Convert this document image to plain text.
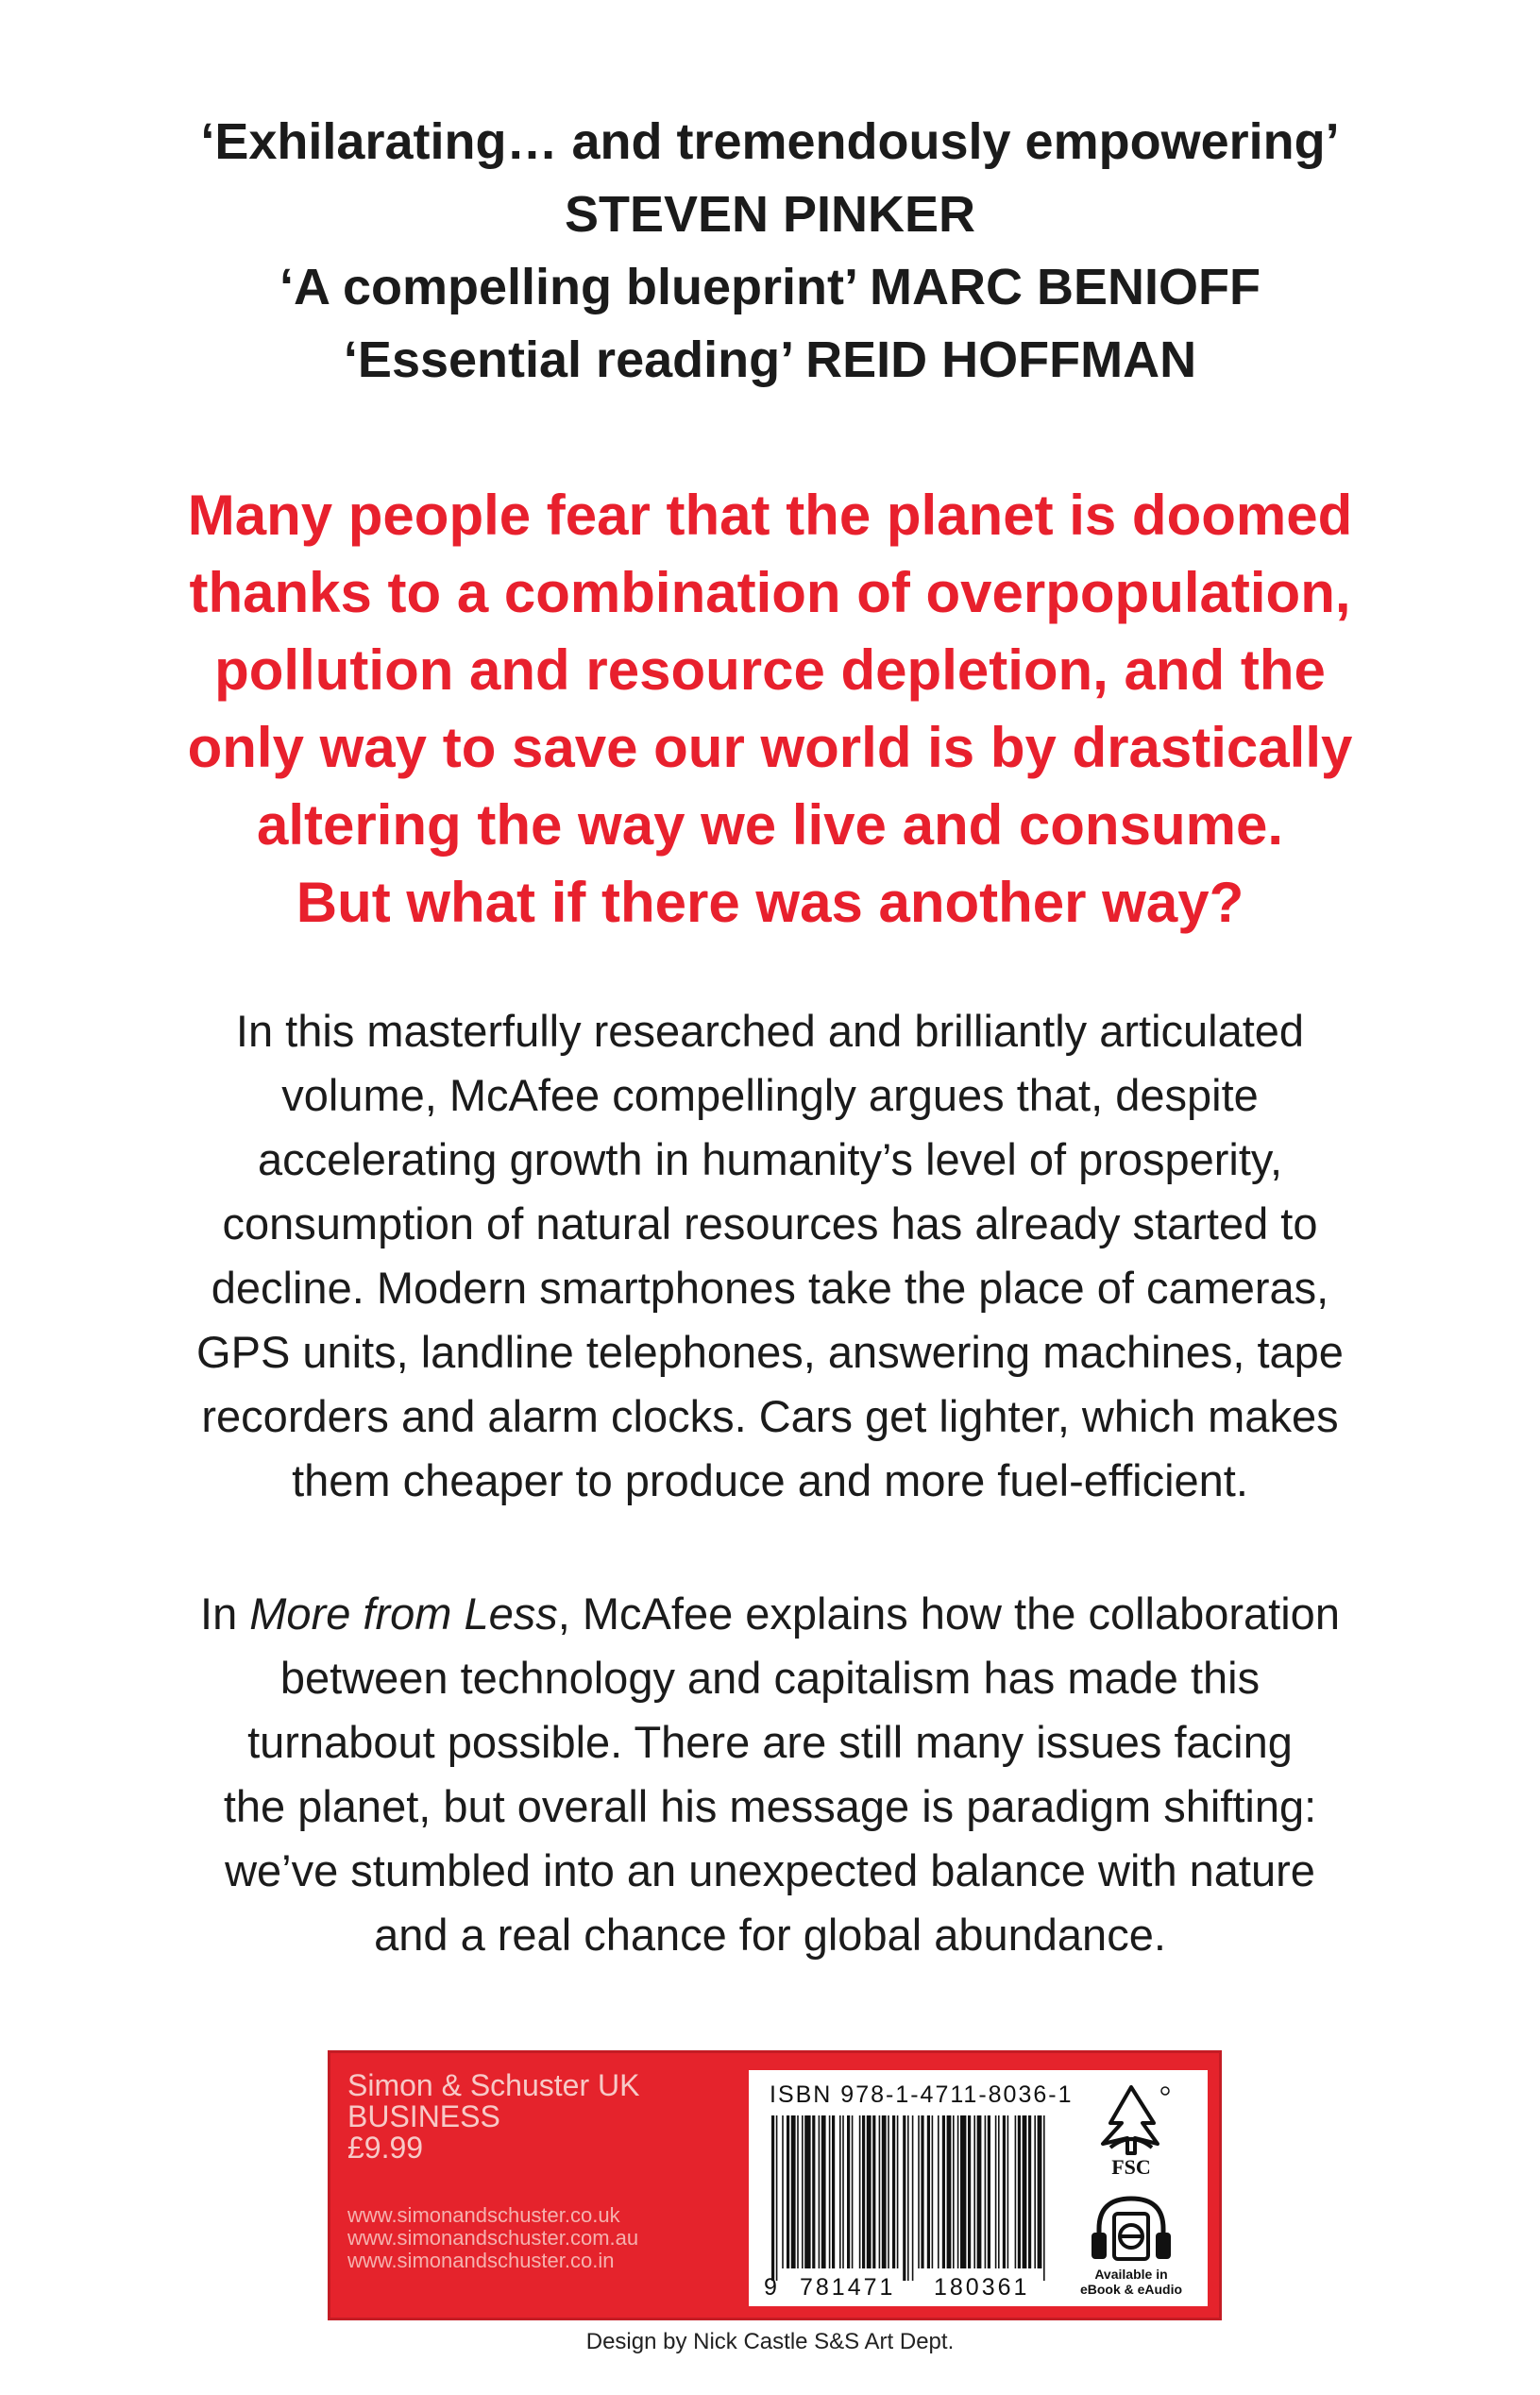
‘Exhilarating… and tremendously empowering’
STEVEN PINKER
‘A compelling blueprint’ MARC BENIOFF
‘Essential reading’ REID HOFFMAN
Many people fear that the planet is doomed
thanks to a combination of overpopulation,
pollution and resource depletion, and the
only way to save our world is by drastically
altering the way we live and consume.
But what if there was another way?
In this masterfully researched and brilliantly articulated
volume, McAfee compellingly argues that, despite
accelerating growth in humanity’s level of prosperity,
consumption of natural resources has already started to
decline. Modern smartphones take the place of cameras,
GPS units, landline telephones, answering machines, tape
recorders and alarm clocks. Cars get lighter, which makes
them cheaper to produce and more fuel-efficient.
In More from Less, McAfee explains how the collaboration
between technology and capitalism has made this
turnabout possible. There are still many issues facing
the planet, but overall his message is paradigm shifting:
we’ve stumbled into an unexpected balance with nature
and a real chance for global abundance.
Simon & Schuster UK
BUSINESS
£9.99
www.simonandschuster.co.uk
www.simonandschuster.com.au
www.simonandschuster.co.in
ISBN 978-1-4711-8036-1
9 781471 180361
FSC
Available in
eBook & eAudio
Design by Nick Castle S&S Art Dept.
